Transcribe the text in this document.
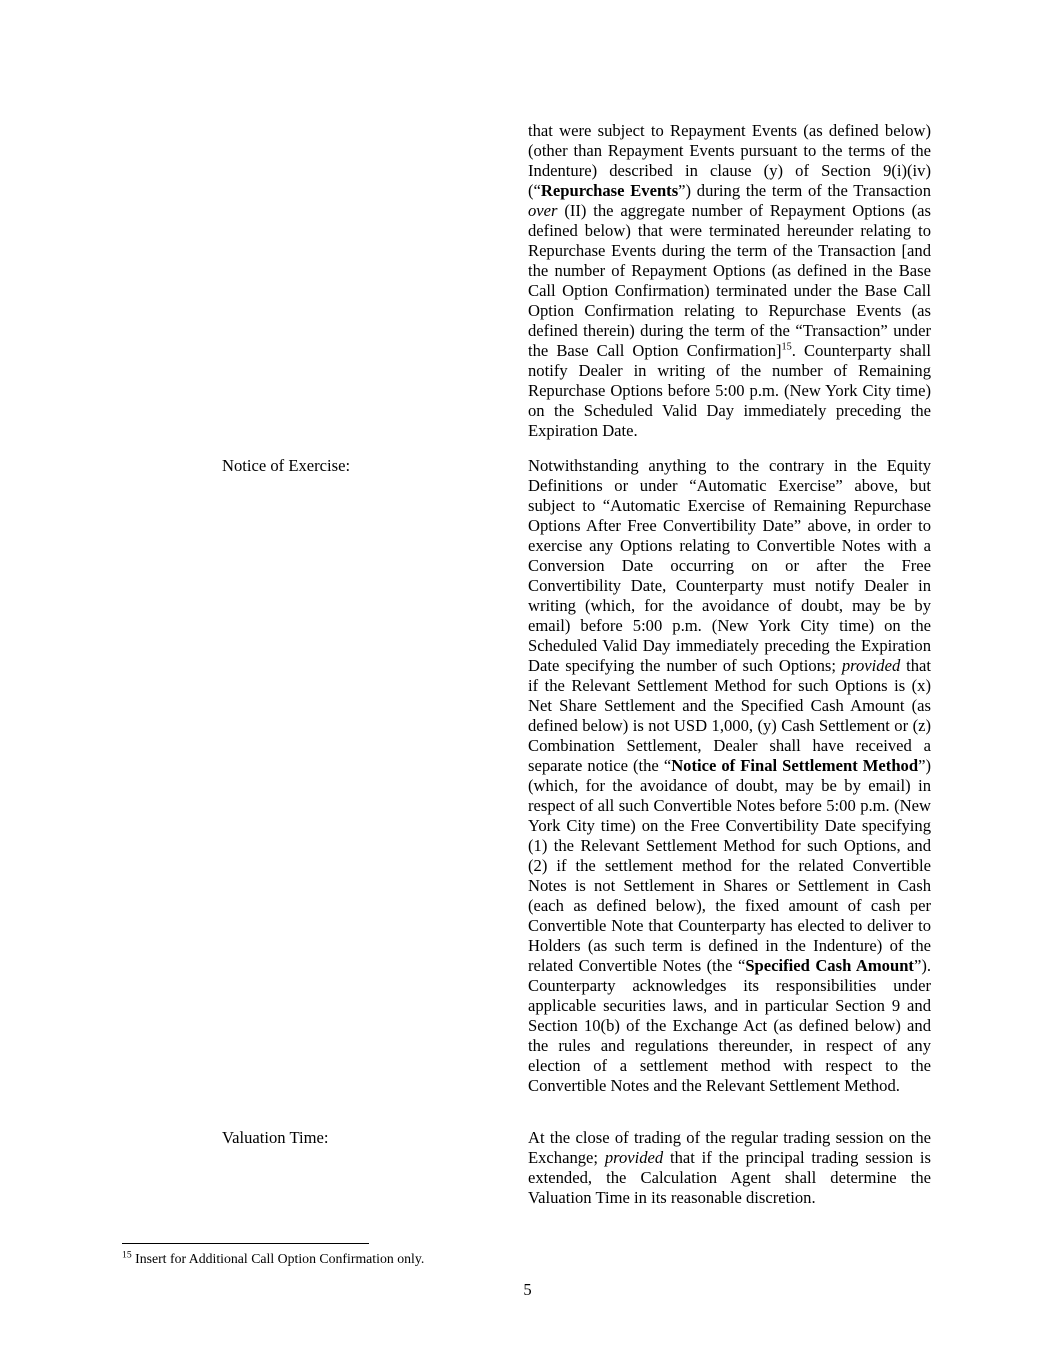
that were subject to Repayment Events (as defined below) (other than Repayment Events pursuant to the terms of the Indenture) described in clause (y) of Section 9(i)(iv) (“Repurchase Events”) during the term of the Transaction over (II) the aggregate number of Repayment Options (as defined below) that were terminated hereunder relating to Repurchase Events during the term of the Transaction [and the number of Repayment Options (as defined in the Base Call Option Confirmation) terminated under the Base Call Option Confirmation relating to Repurchase Events (as defined therein) during the term of the “Transaction” under the Base Call Option Confirmation]$^{15}$. Counterparty shall notify Dealer in writing of the number of Remaining Repurchase Options before 5:00 p.m. (New York City time) on the Scheduled Valid Day immediately preceding the Expiration Date.
Notice of Exercise:	Notwithstanding anything to the contrary in the Equity Definitions or under “Automatic Exercise” above, but subject to “Automatic Exercise of Remaining Repurchase Options After Free Convertibility Date” above, in order to exercise any Options relating to Convertible Notes with a Conversion Date occurring on or after the Free Convertibility Date, Counterparty must notify Dealer in writing (which, for the avoidance of doubt, may be by email) before 5:00 p.m. (New York City time) on the Scheduled Valid Day immediately preceding the Expiration Date specifying the number of such Options; provided that if the Relevant Settlement Method for such Options is (x) Net Share Settlement and the Specified Cash Amount (as defined below) is not USD 1,000, (y) Cash Settlement or (z) Combination Settlement, Dealer shall have received a separate notice (the “Notice of Final Settlement Method”) (which, for the avoidance of doubt, may be by email) in respect of all such Convertible Notes before 5:00 p.m. (New York City time) on the Free Convertibility Date specifying (1) the Relevant Settlement Method for such Options, and (2) if the settlement method for the related Convertible Notes is not Settlement in Shares or Settlement in Cash (each as defined below), the fixed amount of cash per Convertible Note that Counterparty has elected to deliver to Holders (as such term is defined in the Indenture) of the related Convertible Notes (the “Specified Cash Amount”). Counterparty acknowledges its responsibilities under applicable securities laws, and in particular Section 9 and Section 10(b) of the Exchange Act (as defined below) and the rules and regulations thereunder, in respect of any election of a settlement method with respect to the Convertible Notes and the Relevant Settlement Method.
Valuation Time:	At the close of trading of the regular trading session on the Exchange; provided that if the principal trading session is extended, the Calculation Agent shall determine the Valuation Time in its reasonable discretion.
$^{15}$ Insert for Additional Call Option Confirmation only.
5
